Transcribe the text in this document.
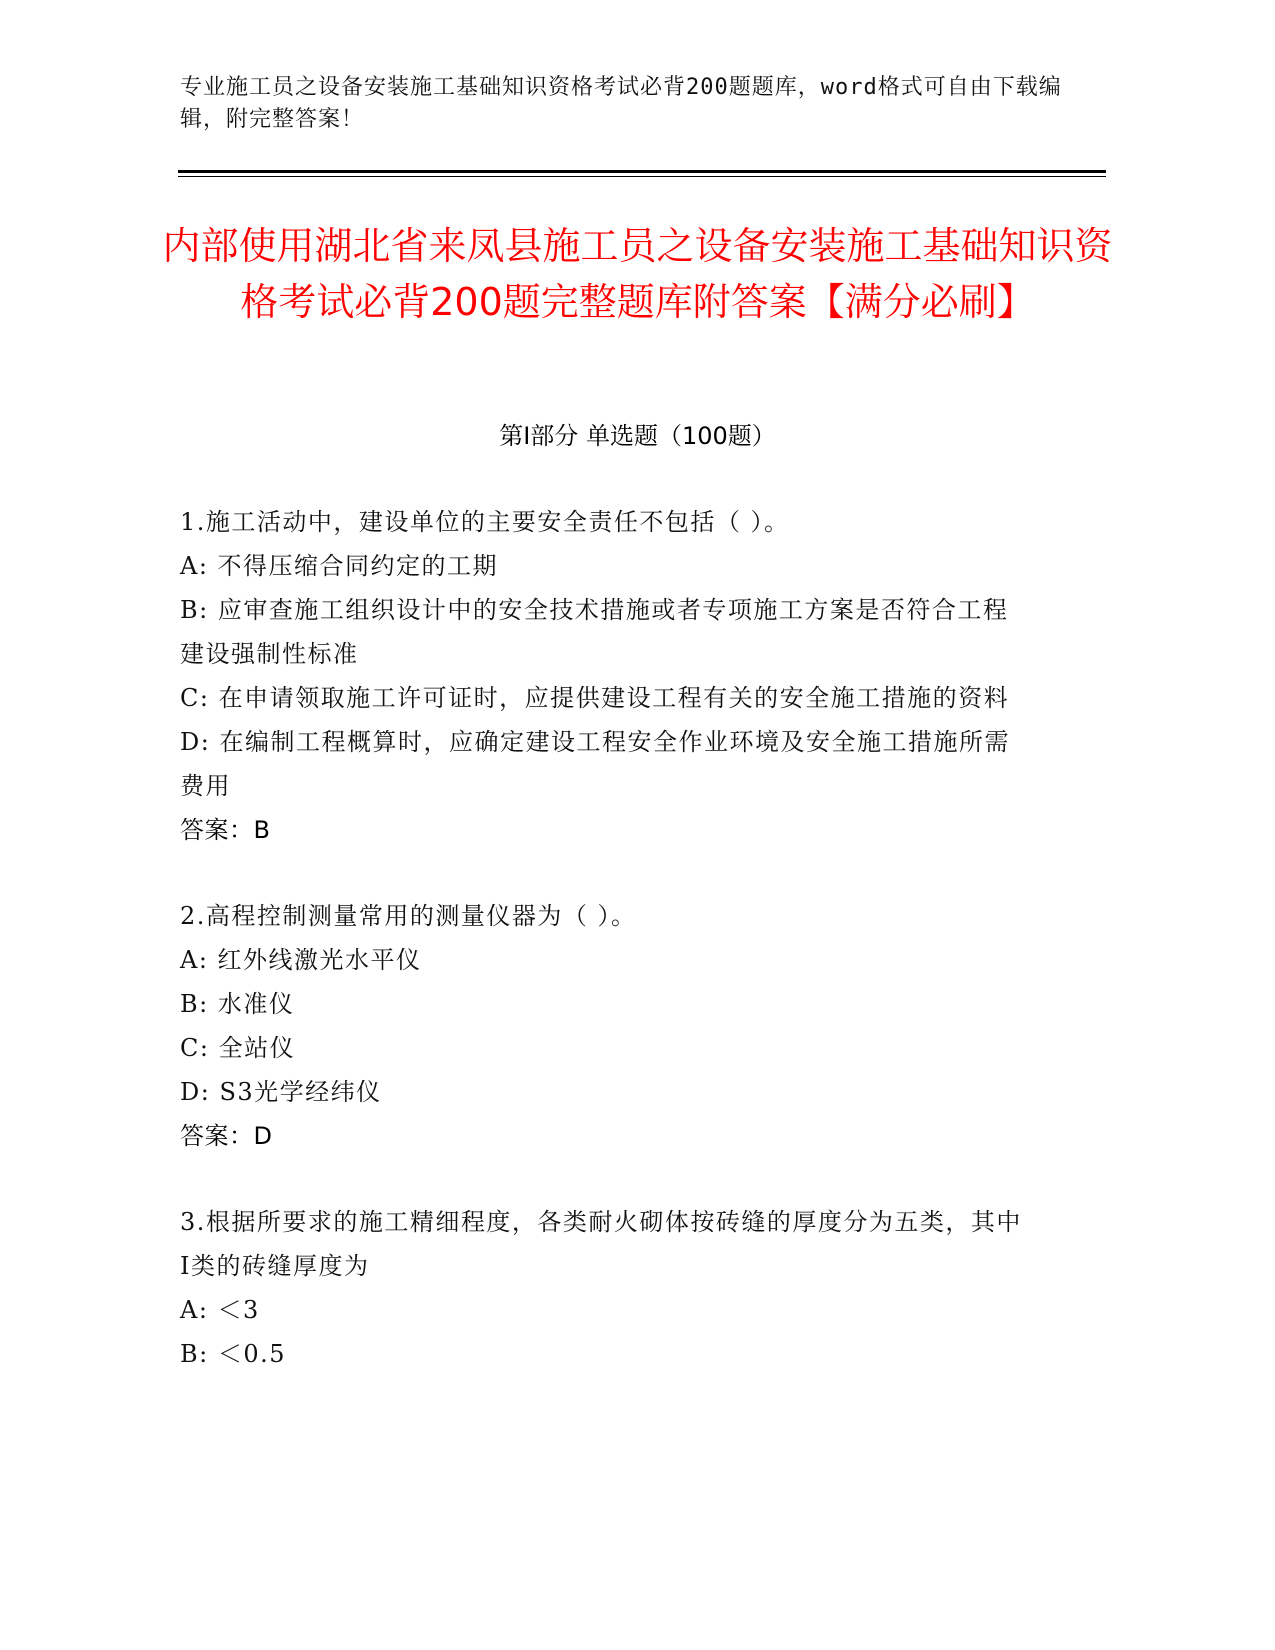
专业施工员之设备安装施工基础知识资格考试必背200题题库，word格式可自由下载编辑，附完整答案！
内部使用湖北省来凤县施工员之设备安装施工基础知识资格考试必背200题完整题库附答案【满分必刷】
第I部分 单选题（100题）

1.施工活动中，建设单位的主要安全责任不包括（ ）。

A: 不得压缩合同约定的工期

B: 应审查施工组织设计中的安全技术措施或者专项施工方案是否符合工程建设强制性标准

C: 在申请领取施工许可证时，应提供建设工程有关的安全施工措施的资料

D: 在编制工程概算时，应确定建设工程安全作业环境及安全施工措施所需费用

答案：B

2.高程控制测量常用的测量仪器为（ ）。

A: 红外线激光水平仪

B: 水准仪

C: 全站仪

D: S3光学经纬仪

答案：D

3.根据所要求的施工精细程度，各类耐火砌体按砖缝的厚度分为五类，其中I类的砖缝厚度为

A: ＜3

B: ＜0.5
